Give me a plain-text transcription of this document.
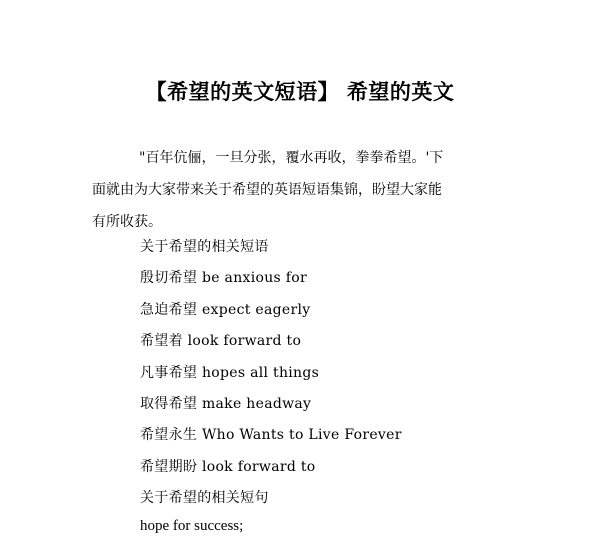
【希望的英文短语】 希望的英文
"百年伉俪，一旦分张，覆水再收，拳拳希望。'下
面就由为大家带来关于希望的英语短语集锦，盼望大家能
有所收获。
关于希望的相关短语
殷切希望 be anxious for
急迫希望 expect eagerly
希望着 look forward to
凡事希望 hopes all things
取得希望 make headway
希望永生 Who Wants to Live Forever
希望期盼 look forward to
关于希望的相关短句
hope for success;
